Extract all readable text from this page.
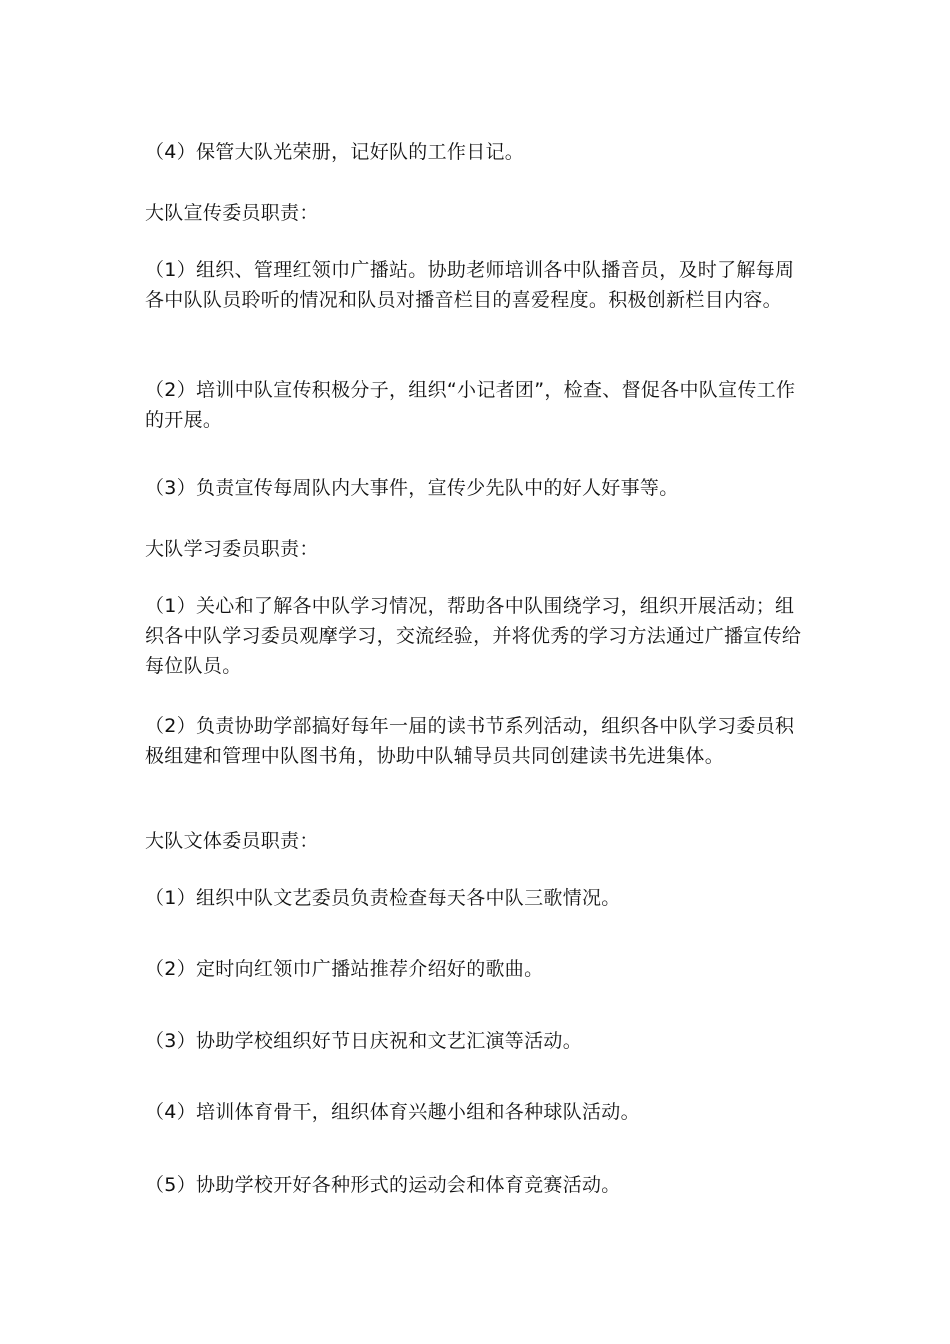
（4）保管大队光荣册，记好队的工作日记。

大队宣传委员职责：

（1）组织、管理红领巾广播站。协助老师培训各中队播音员，及时了解每周各中队队员聆听的情况和队员对播音栏目的喜爱程度。积极创新栏目内容。

（2）培训中队宣传积极分子，组织“小记者团”，检查、督促各中队宣传工作的开展。

（3）负责宣传每周队内大事件，宣传少先队中的好人好事等。

大队学习委员职责：

（1）关心和了解各中队学习情况，帮助各中队围绕学习，组织开展活动；组织各中队学习委员观摩学习，交流经验，并将优秀的学习方法通过广播宣传给每位队员。

（2）负责协助学部搞好每年一届的读书节系列活动，组织各中队学习委员积极组建和管理中队图书角，协助中队辅导员共同创建读书先进集体。

大队文体委员职责：

（1）组织中队文艺委员负责检查每天各中队三歌情况。

（2）定时向红领巾广播站推荐介绍好的歌曲。

（3）协助学校组织好节日庆祝和文艺汇演等活动。

（4）培训体育骨干，组织体育兴趣小组和各种球队活动。

（5）协助学校开好各种形式的运动会和体育竞赛活动。
